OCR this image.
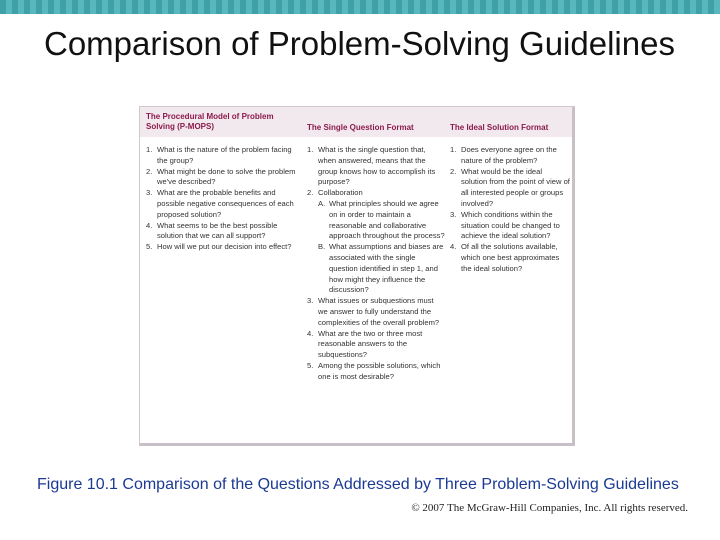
Comparison of Problem-Solving Guidelines
The Procedural Model of Problem Solving (P-MOPS)	The Single Question Format	The Ideal Solution Format
1. What is the nature of the problem facing the group?
2. What might be done to solve the problem we've described?
3. What are the probable benefits and possible negative consequences of each proposed solution?
4. What seems to be the best possible solution that we can all support?
5. How will we put our decision into effect?
1. What is the single question that, when answered, means that the group knows how to accomplish its purpose?
2. Collaboration
A. What principles should we agree on in order to maintain a reasonable and collaborative approach throughout the process?
B. What assumptions and biases are associated with the single question identified in step 1, and how might they influence the discussion?
3. What issues or subquestions must we answer to fully understand the complexities of the overall problem?
4. What are the two or three most reasonable answers to the subquestions?
5. Among the possible solutions, which one is most desirable?
1. Does everyone agree on the nature of the problem?
2. What would be the ideal solution from the point of view of all interested people or groups involved?
3. Which conditions within the situation could be changed to achieve the ideal solution?
4. Of all the solutions available, which one best approximates the ideal solution?
Figure 10.1 Comparison of the Questions Addressed by Three Problem-Solving Guidelines
© 2007 The McGraw-Hill Companies, Inc. All rights reserved.
